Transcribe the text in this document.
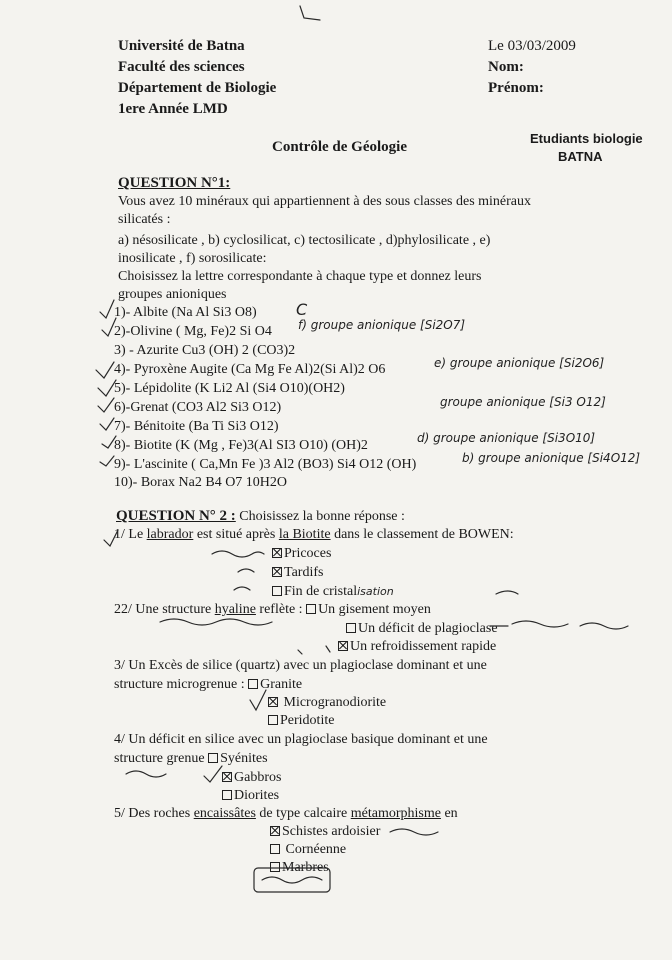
Université de Batna
Faculté des sciences
Département de Biologie
1ere Année LMD
Le 03/03/2009
Nom:
Prénom:
Contrôle de Géologie
Etudiants biologie
BATNA
QUESTION N°1:
Vous avez 10 minéraux qui appartiennent à des sous classes des minéraux
silicatés :
a) nésosilicate , b) cyclosilicat, c) tectosilicate , d)phylosilicate , e)
inosilicate , f) sorosilicate:
Choisissez la lettre correspondante à chaque type et donnez leurs
groupes anioniques
1)- Albite (Na Al Si3 O8)
2)-Olivine ( Mg, Fe)2 Si O4
3) - Azurite Cu3 (OH) 2 (CO3)2
4)- Pyroxène Augite (Ca Mg Fe Al)2(Si Al)2 O6
5)- Lépidolite (K Li2 Al (Si4 O10)(OH2)
6)-Grenat (CO3 Al2 Si3 O12)
7)- Bénitoite (Ba Ti Si3 O12)
8)- Biotite (K (Mg , Fe)3(Al SI3 O10) (OH)2
9)- L'ascinite ( Ca,Mn Fe )3 Al2 (BO3) Si4 O12 (OH)
10)- Borax Na2 B4 O7 10H2O
C
f) groupe anionique [Si2O7]
e) groupe anionique [Si2O6]
groupe anionique [Si3 O12]
d) groupe anionique [Si3O10]
b) groupe anionique [Si4O12]
QUESTION N° 2 : Choisissez la bonne réponse :
1/ Le labrador est situé après la Biotite dans le classement de BOWEN:
Pricoces
Tardifs
Fin de cristalisation
22/ Une structure hyaline reflète : Un gisement moyen
Un déficit de plagioclase
Un refroidissement rapide
3/ Un Excès de silice (quartz) avec un plagioclase dominant et une
structure microgrenue : Granite
Microgranodiorite
Peridotite
4/ Un déficit en silice avec un plagioclase basique dominant et une
structure grenue Syénites
Gabbros
Diorites
5/ Des roches encaissâtes de type calcaire métamorphisme en
Schistes ardoisier
Cornéenne
Marbres
